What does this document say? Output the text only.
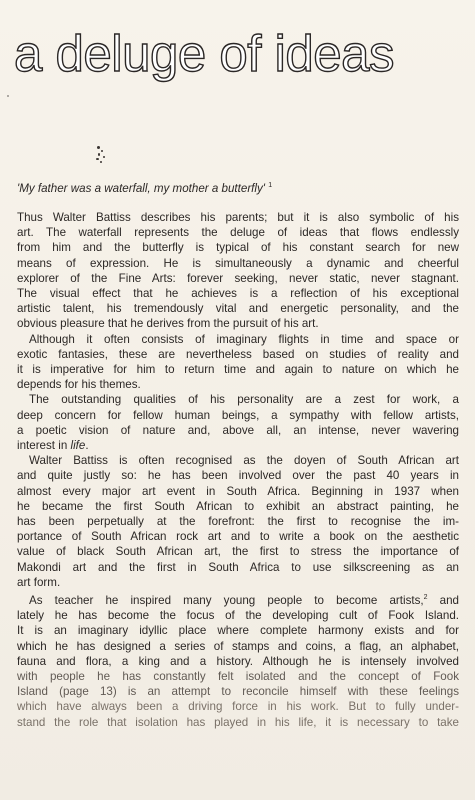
a deluge of ideas

'My father was a waterfall, my mother a butterfly' $^1$

Thus Walter Battiss describes his parents; but it is also symbolic of his
art. The waterfall represents the deluge of ideas that flows endlessly
from him and the butterfly is typical of his constant search for new
means of expression. He is simultaneously a dynamic and cheerful
explorer of the Fine Arts: forever seeking, never static, never stagnant.
The visual effect that he achieves is a reflection of his exceptional
artistic talent, his tremendously vital and energetic personality, and the
obvious pleasure that he derives from the pursuit of his art.
Although it often consists of imaginary flights in time and space or
exotic fantasies, these are nevertheless based on studies of reality and
it is imperative for him to return time and again to nature on which he
depends for his themes.
The outstanding qualities of his personality are a zest for work, a
deep concern for fellow human beings, a sympathy with fellow artists,
a poetic vision of nature and, above all, an intense, never wavering
interest in life.
Walter Battiss is often recognised as the doyen of South African art
and quite justly so: he has been involved over the past 40 years in
almost every major art event in South Africa. Beginning in 1937 when
he became the first South African to exhibit an abstract painting, he
has been perpetually at the forefront: the first to recognise the im-
portance of South African rock art and to write a book on the aesthetic
value of black South African art, the first to stress the importance of
Makondi art and the first in South Africa to use silkscreening as an
art form.
As teacher he inspired many young people to become artists,$^2$ and
lately he has become the focus of the developing cult of Fook Island.
It is an imaginary idyllic place where complete harmony exists and for
which he has designed a series of stamps and coins, a flag, an alphabet,
fauna and flora, a king and a history. Although he is intensely involved
with people he has constantly felt isolated and the concept of Fook
Island (page 13) is an attempt to reconcile himself with these feelings
which have always been a driving force in his work. But to fully under-
stand the role that isolation has played in his life, it is necessary to take
